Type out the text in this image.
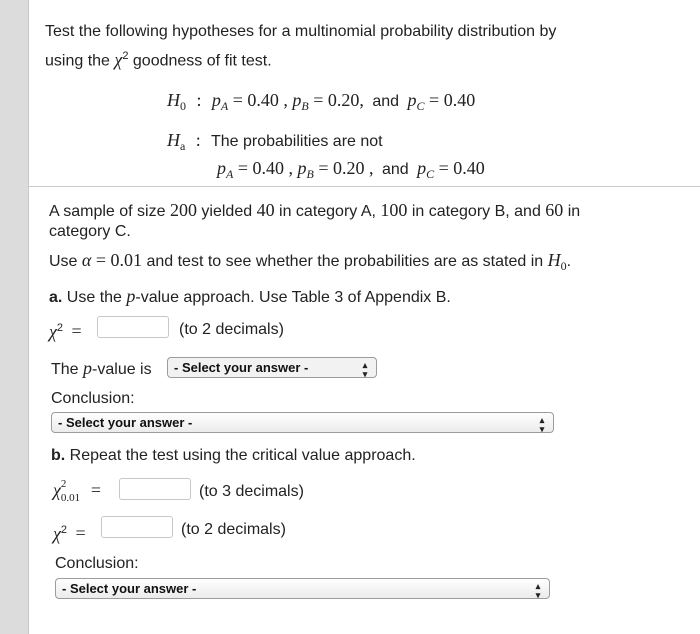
Test the following hypotheses for a multinomial probability distribution by
using the $\chi^2$ goodness of fit test.
$H_0$ : $p_A = 0.40$ , $p_B = 0.20$, and $p_C = 0.40$
$H_a$ : The probabilities are not
$p_A = 0.40$ , $p_B = 0.20$ , and $p_C = 0.40$
A sample of size 200 yielded 40 in category A, 100 in category B, and 60 in
category C.
Use α = 0.01 and test to see whether the probabilities are as stated in $H_0$.
a. Use the p-value approach. Use Table 3 of Appendix B.
$\chi^2$ =	(to 2 decimals)
The p-value is	- Select your answer -	▴
▾
Conclusion:
- Select your answer -	▴
▾
b. Repeat the test using the critical value approach.
χ 2
0.01 =	(to 3 decimals)
$\chi^2$ =	(to 2 decimals)
Conclusion:
- Select your answer -	▴
▾
